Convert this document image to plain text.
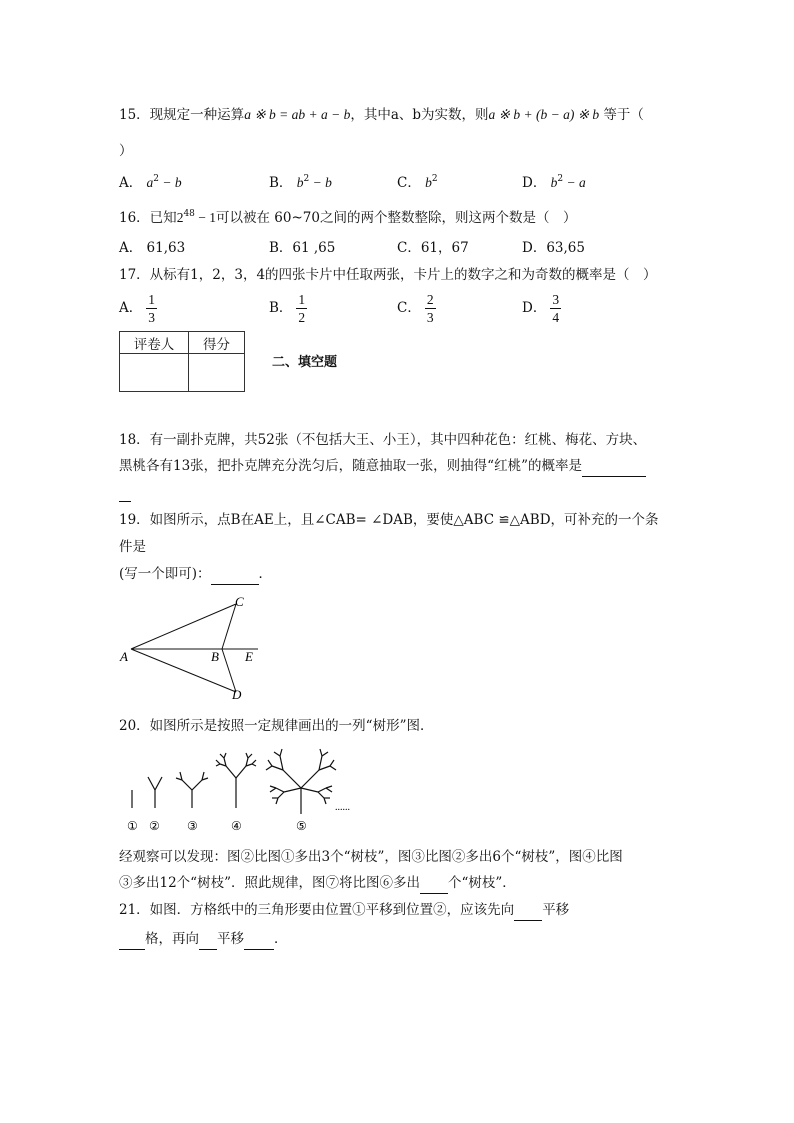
15．现规定一种运算a ※ b = ab + a − b，其中a、b为实数，则a ※ b + (b − a) ※ b 等于（
）
A． $a^2 - b$	B． $b^2 - b$	C． $b^2$	D． $b^2 - a$
16．已知$2^{48} - 1$可以被在 60~70之间的两个整数整除，则这两个数是（　）
A． 61,63	B．61 ,65	C．61，67	D．63,65
17．从标有1，2，3，4的四张卡片中任取两张，卡片上的数字之和为奇数的概率是（　）
A． $\frac{1}{3}$	B． $\frac{1}{2}$	C． $\frac{2}{3}$	D． $\frac{3}{4}$
评卷人	得分

二、填空题
18．有一副扑克牌，共52张（不包括大王、小王），其中四种花色：红桃、梅花、方块、
黑桃各有13张，把扑克牌充分洗匀后，随意抽取一张，则抽得“红桃”的概率是

19．如图所示，点B在AE上，且∠CAB= ∠DAB，要使△ABC ≌△ABD，可补充的一个条
件是
(写一个即可)：	．
A	B
C
D
E
20．如图所示是按照一定规律画出的一列“树形”图．
......
① ② ③	④	⑤
经观察可以发现：图②比图①多出3个“树枝”，图③比图②多出6个“树枝”，图④比图
③多出12个“树枝”．照此规律，图⑦将比图⑥多出 个“树枝”．
21．如图．方格纸中的三角形要由位置①平移到位置②，应该先向 平移
格，再向 平移 ．
